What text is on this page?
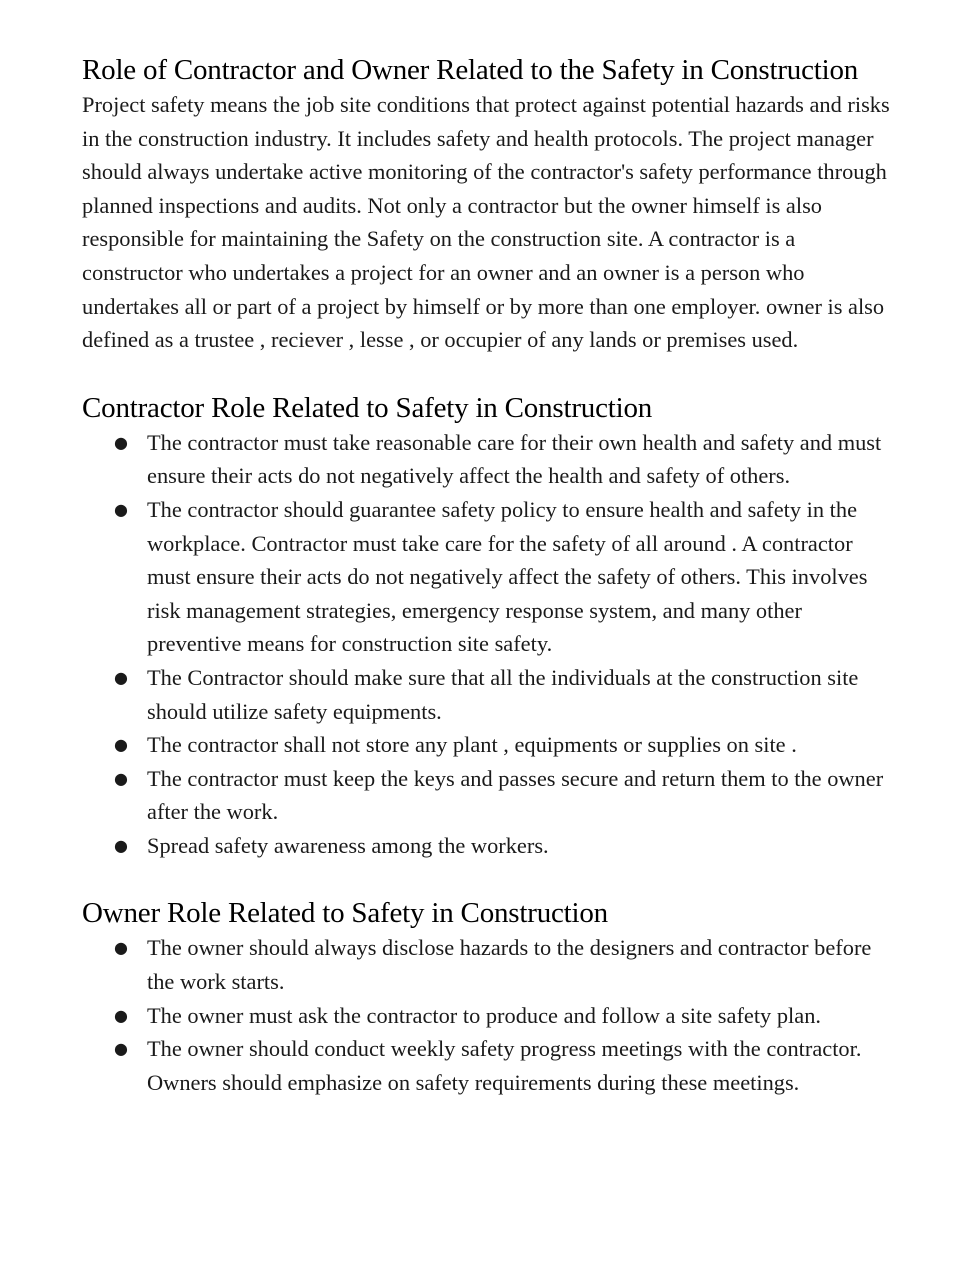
Role of Contractor and Owner Related to the Safety in Construction

Project safety means the job site conditions that protect against potential hazards and risks in the construction industry. It includes safety and health protocols. The project manager should always undertake active monitoring of the contractor's safety performance through planned inspections and audits. Not only a contractor but the owner himself is also responsible for maintaining the Safety on the construction site. A contractor is a constructor who undertakes a project for an owner and an owner is a person who undertakes all or part of a project by himself or by more than one employer. owner is also defined as a trustee , reciever , lesse , or occupier of any lands or premises used.

Contractor Role Related to Safety in Construction
● The contractor must take reasonable care for their own health and safety and must ensure their acts do not negatively affect the health and safety of others.
● The contractor should guarantee safety policy to ensure health and safety in the workplace. Contractor must take care for the safety of all around . A contractor must ensure their acts do not negatively affect the safety of others. This involves risk management strategies, emergency response system, and many other preventive means for construction site safety.
● The Contractor should make sure that all the individuals at the construction site should utilize safety equipments.
● The contractor shall not store any plant , equipments or supplies on site .
● The contractor must keep the keys and passes secure and return them to the owner after the work.
● Spread safety awareness among the workers.
Owner Role Related to Safety in Construction
● The owner should always disclose hazards to the designers and contractor before the work starts.
● The owner must ask the contractor to produce and follow a site safety plan.
● The owner should conduct weekly safety progress meetings with the contractor. Owners should emphasize on safety requirements during these meetings.
